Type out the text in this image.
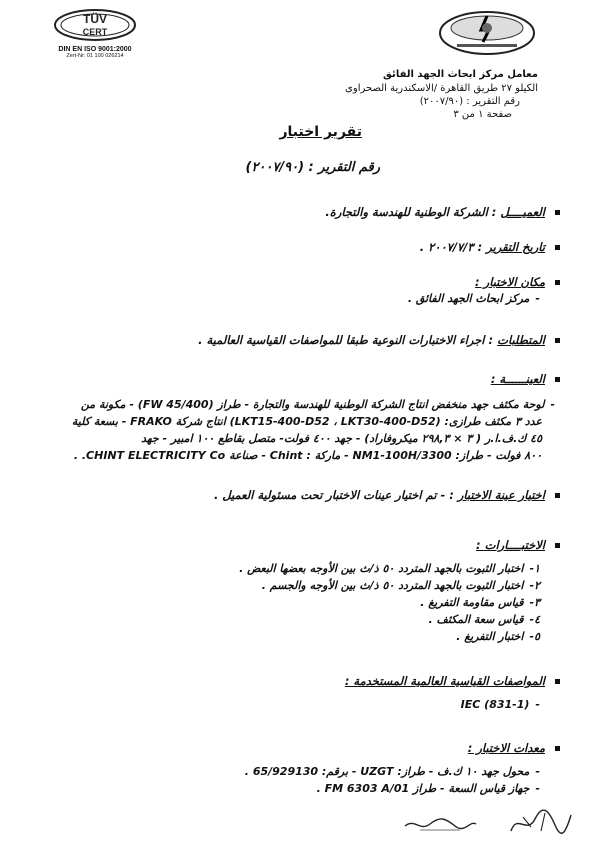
TÜV
CERT
DIN EN ISO 9001:2000
Zert-Nr: 01 100 026214
معامل مركز ابحاث الجهد الفائق
الكيلو ٢٧ طريق القاهرة /الاسكندرية الصحراوى
رقم التقرير : (٢٠٠٧/٩٠)
صفحة ١ من ٣
تقرير اختبار
رقم التقرير : (٢٠٠٧/٩٠)
العميــــل : الشركة الوطنية للهندسة والتجارة.
تاريخ التقرير : ٢٠٠٧/٧/٣ .
مكان الاختبار :
-مركز ابحاث الجهد الفائق .
المتطلبات : اجراء الاختبارات النوعية طبقا للمواصفات القياسية العالمية .
العينــــــة :
-لوحة مكثف جهد منخفض انتاج الشركة الوطنية للهندسة والتجارة - طراز (FW 45/400) - مكونة من
عدد ٣ مكثف طرازى: (LKT15-400-D52 ، LKT30-400-D52) انتاج شركة FRAKO - بسعة كلية
٤٥ ك.ف.ا.ر ( ٣ × ٢٩٨,٣ ميكروفاراد) - جهد ٤٠٠ فولت- متصل بقاطع ١٠٠ امبير - جهد
٨٠٠ فولت - طراز: NM1-100H/3300 - ماركة : Chint - صناعة CHINT ELECTRICITY Co. .
اختيار عينة الاختبار : - تم اختيار عينات الاختبار تحت مسئولية العميل .
الاختبــــارات :
١-اختبار الثبوت بالجهد المتردد ٥٠ ذ/ث بين الأوجه بعضها البعض .
٢-اختبار الثبوت بالجهد المتردد ٥٠ ذ/ث بين الأوجه والجسم .
٣-قياس مقاومة التفريغ .
٤-قياس سعة المكثف .
٥-اختبار التفريغ .
المواصفات القياسية العالمية المستخدمة :
-IEC (831-1)
معدات الاختبار :
-محول جهد ١٠ ك.ف - طراز: UZGT - برقم: 65/929130 .
-جهاز قياس السعة - طراز FM 6303 A/01 .
